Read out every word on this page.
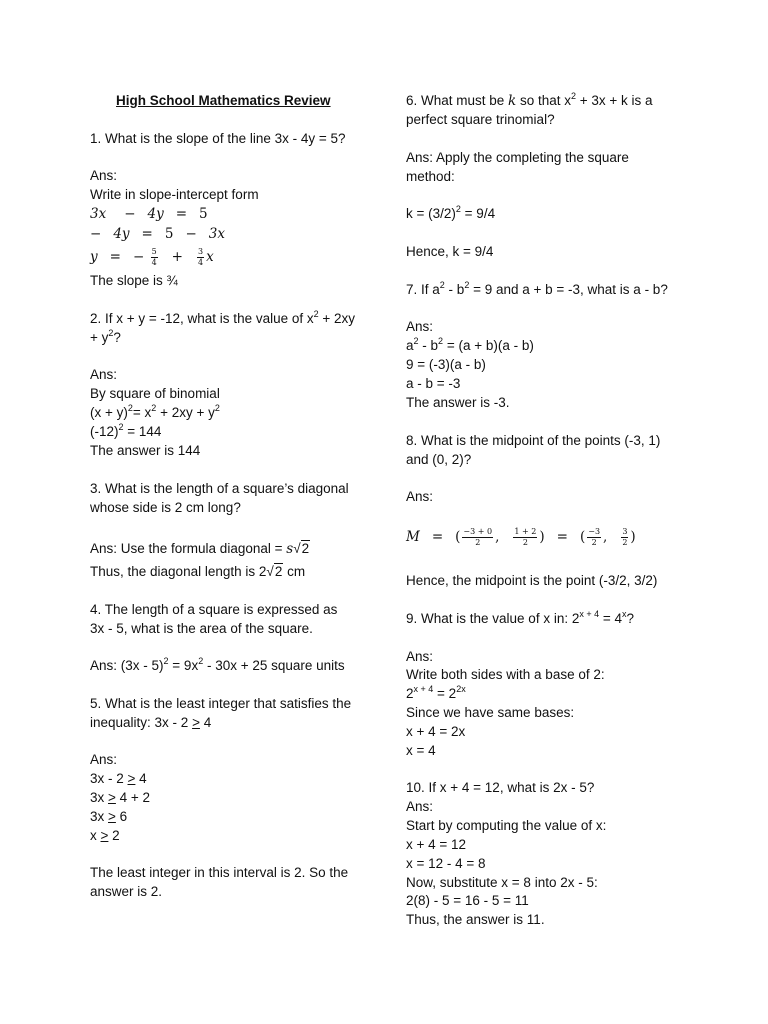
High School Mathematics Review
1. What is the slope of the line 3x - 4y = 5?
Ans:
Write in slope-intercept form
3x − 4y = 5
− 4y = 5 − 3x
y = − $\frac{5}{4} + \frac{3}{4}$ x
The slope is ¾
2. If x + y = -12, what is the value of $x^2 + 2xy$
+ $y^2$?
Ans:
By square of binomial
$(x + y)^2= x^2 + 2xy + y^2$
$(-12)^2 = 144$
The answer is 144
3. What is the length of a square’s diagonal
whose side is 2 cm long?
Ans: Use the formula diagonal = s√2
Thus, the diagonal length is 2√2 cm
4. The length of a square is expressed as
3x - 5, what is the area of the square.
Ans: $(3x - 5)^2 = 9x^2 - 30x + 25$ square units
5. What is the least integer that satisfies the
inequality: 3x - 2 > 4
Ans:
3x - 2 > 4
3x > 4 + 2
3x > 6
x > 2
The least integer in this interval is 2. So the
answer is 2.
6. What must be k so that $x^2 + 3x + k$ is a
perfect square trinomial?
Ans: Apply the completing the square
method:
$k = (3/2)^2 = 9/4$
Hence, k = 9/4
7. If $a^2 - b^2 = 9$ and a + b = -3, what is a - b?
Ans:
$a^2 - b^2 = (a + b)(a - b)$
9 = (-3)(a - b)
a - b = -3
The answer is -3.
8. What is the midpoint of the points (-3, 1)
and (0, 2)?
Ans:
M = ( $\frac{-3 + 0}{2}$ , $\frac{1 + 2}{2}$ ) = ( $\frac{-3}{2}$ , $\frac{3}{2}$ )
Hence, the midpoint is the point (-3/2, 3/2)
9. What is the value of x in: $2^{x + 4} = 4^x$?
Ans:
Write both sides with a base of 2:
$2^{x + 4} = 2^{2x}$
Since we have same bases:
x + 4 = 2x
x = 4
10. If x + 4 = 12, what is 2x - 5?
Ans:
Start by computing the value of x:
x + 4 = 12
x = 12 - 4 = 8
Now, substitute x = 8 into 2x - 5:
2(8) - 5 = 16 - 5 = 11
Thus, the answer is 11.
